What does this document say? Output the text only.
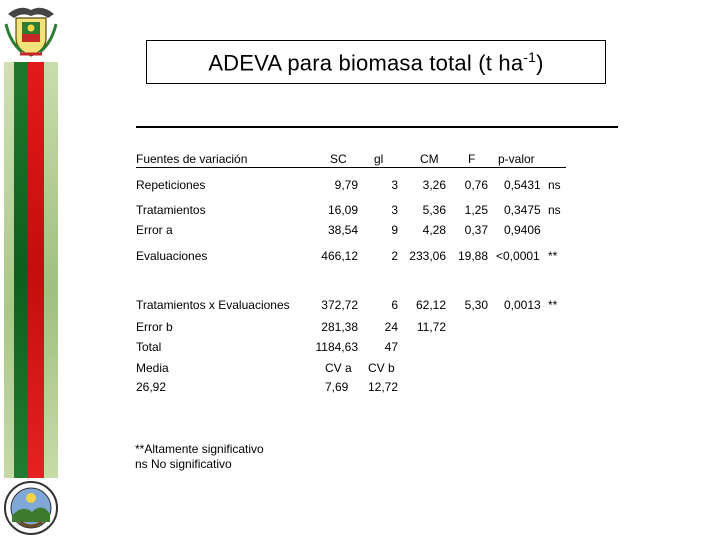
ADEVA para biomasa total (t $ha^{-1}$)
Fuentes de variación	SC gl	CM F p-valor
Repeticiones	9,79	3	3,26	0,76 0,5431 ns
Tratamientos	16,09	3	5,36	1,25 0,3475 ns
Error a	38,54	9	4,28	0,37 0,9406
Evaluaciones	466,12	2 233,06 19,88 <0,0001 **
Tratamientos x Evaluaciones	372,72	6	62,12	5,30 0,0013 **
Error b	281,38	24	11,72
Total	1184,63	47
Media	CV a CV b
26,92	7,69 12,72
**Altamente significativo
ns No significativo
